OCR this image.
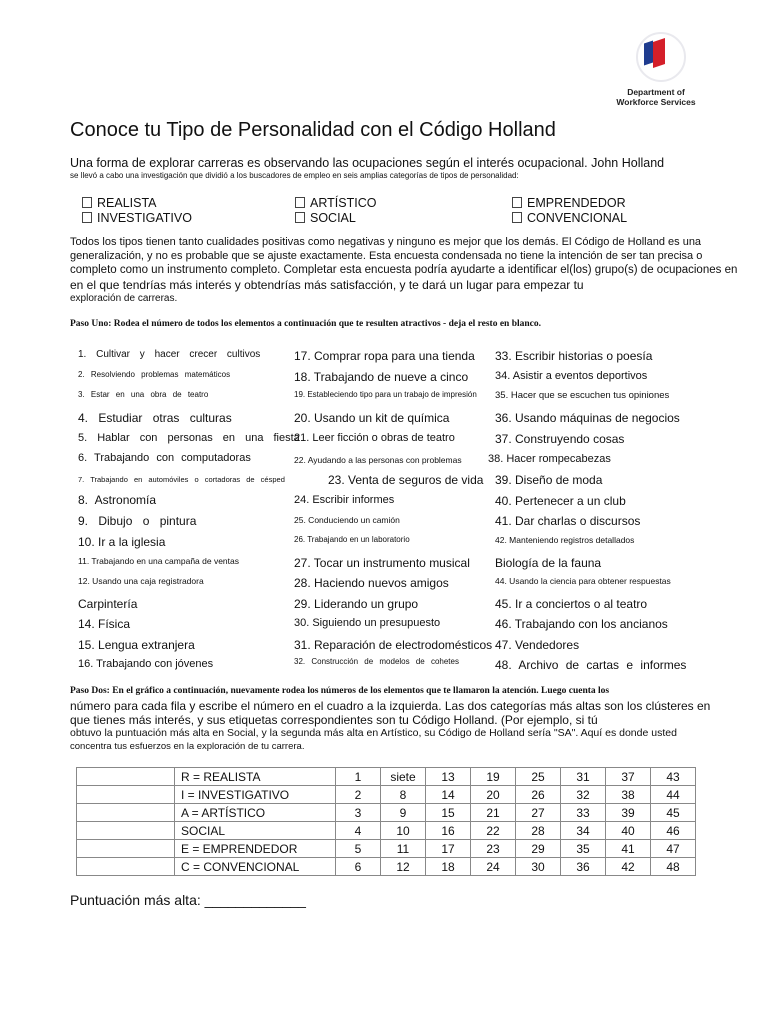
Department of Workforce Services
Conoce tu Tipo de Personalidad con el Código Holland
Una forma de explorar carreras es observando las ocupaciones según el interés ocupacional. John Holland
se llevó a cabo una investigación que dividió a los buscadores de empleo en seis amplias categorías de tipos de personalidad:
REALISTA
INVESTIGATIVO
ARTÍSTICO
SOCIAL
EMPRENDEDOR
CONVENCIONAL
Todos los tipos tienen tanto cualidades positivas como negativas y ninguno es mejor que los demás. El Código de Holland es una
generalización, y no es probable que se ajuste exactamente. Esta encuesta condensada no tiene la intención de ser tan precisa o
completo como un instrumento completo. Completar esta encuesta podría ayudarte a identificar el(los) grupo(s) de ocupaciones en
en el que tendrías más interés y obtendrías más satisfacción, y te dará un lugar para empezar tu
exploración de carreras.
Paso Uno: Rodea el número de todos los elementos a continuación que te resulten atractivos - deja el resto en blanco.
1. Cultivar y hacer crecer cultivos
2. Resolviendo problemas matemáticos
3. Estar en una obra de teatro
4. Estudiar otras culturas
5. Hablar con personas en una fiesta
6. Trabajando con computadoras
7. Trabajando en automóviles o cortadoras de césped
8. Astronomía
9. Dibujo o pintura
10. Ir a la iglesia
11. Trabajando en una campaña de ventas
12. Usando una caja registradora
Carpintería
14. Física
15. Lengua extranjera
16. Trabajando con jóvenes
17. Comprar ropa para una tienda
18. Trabajando de nueve a cinco
19. Estableciendo tipo para un trabajo de impresión
20. Usando un kit de química
21. Leer ficción o obras de teatro
22. Ayudando a las personas con problemas
23. Venta de seguros de vida
24. Escribir informes
25. Conduciendo un camión
26. Trabajando en un laboratorio
27. Tocar un instrumento musical
28. Haciendo nuevos amigos
29. Liderando un grupo
30. Siguiendo un presupuesto
31. Reparación de electrodomésticos
32. Construcción de modelos de cohetes
33. Escribir historias o poesía
34. Asistir a eventos deportivos
35. Hacer que se escuchen tus opiniones
36. Usando máquinas de negocios
37. Construyendo cosas
38. Hacer rompecabezas
39. Diseño de moda
40. Pertenecer a un club
41. Dar charlas o discursos
42. Manteniendo registros detallados
Biología de la fauna
44. Usando la ciencia para obtener respuestas
45. Ir a conciertos o al teatro
46. Trabajando con los ancianos
47. Vendedores
48. Archivo de cartas e informes
Paso Dos: En el gráfico a continuación, nuevamente rodea los números de los elementos que te llamaron la atención. Luego cuenta los
número para cada fila y escribe el número en el cuadro a la izquierda. Las dos categorías más altas son los clústeres en
que tienes más interés, y sus etiquetas correspondientes son tu Código Holland. (Por ejemplo, si tú
obtuvo la puntuación más alta en Social, y la segunda más alta en Artístico, su Código de Holland sería "SA". Aquí es donde usted
concentra tus esfuerzos en la exploración de tu carrera.
	R = REALISTA	1	siete	13	19	25	31	37	43
	I = INVESTIGATIVO	2	8	14	20	26	32	38	44
	A = ARTÍSTICO	3	9	15	21	27	33	39	45
	SOCIAL	4	10	16	22	28	34	40	46
	E = EMPRENDEDOR	5	11	17	23	29	35	41	47
	C = CONVENCIONAL	6	12	18	24	30	36	42	48
Puntuación más alta: _____________
